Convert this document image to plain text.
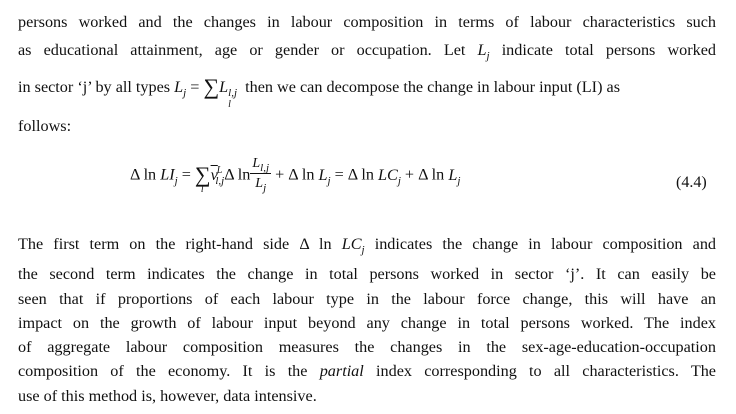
persons worked and the changes in labour composition in terms of labour characteristics such
as educational attainment, age or gender or occupation. Let $L_j$ indicate total persons worked
in sector ‘j’ by all types $L_j$ = ∑
l
$L_{l,j}$ then we can decompose the change in labour input (LI) as
follows:
Δ $\ln LI_j$ = ∑
l
$\overline{v}^L_{l,j}\Delta$ $\ln \frac{L_{l,j}}{L_j} + \Delta$ $\ln L_j = \Delta$ $\ln LC_j + \Delta$ $\ln L_j$	(4.4)
The first term on the right-hand side Δ $\ln LC_j$ indicates the change in labour composition and
the second term indicates the change in total persons worked in sector ‘j’. It can easily be
seen that if proportions of each labour type in the labour force change, this will have an
impact on the growth of labour input beyond any change in total persons worked. The index
of aggregate labour composition measures the changes in the sex-age-education-occupation
composition of the economy. It is the partial index corresponding to all characteristics. The
use of this method is, however, data intensive.
